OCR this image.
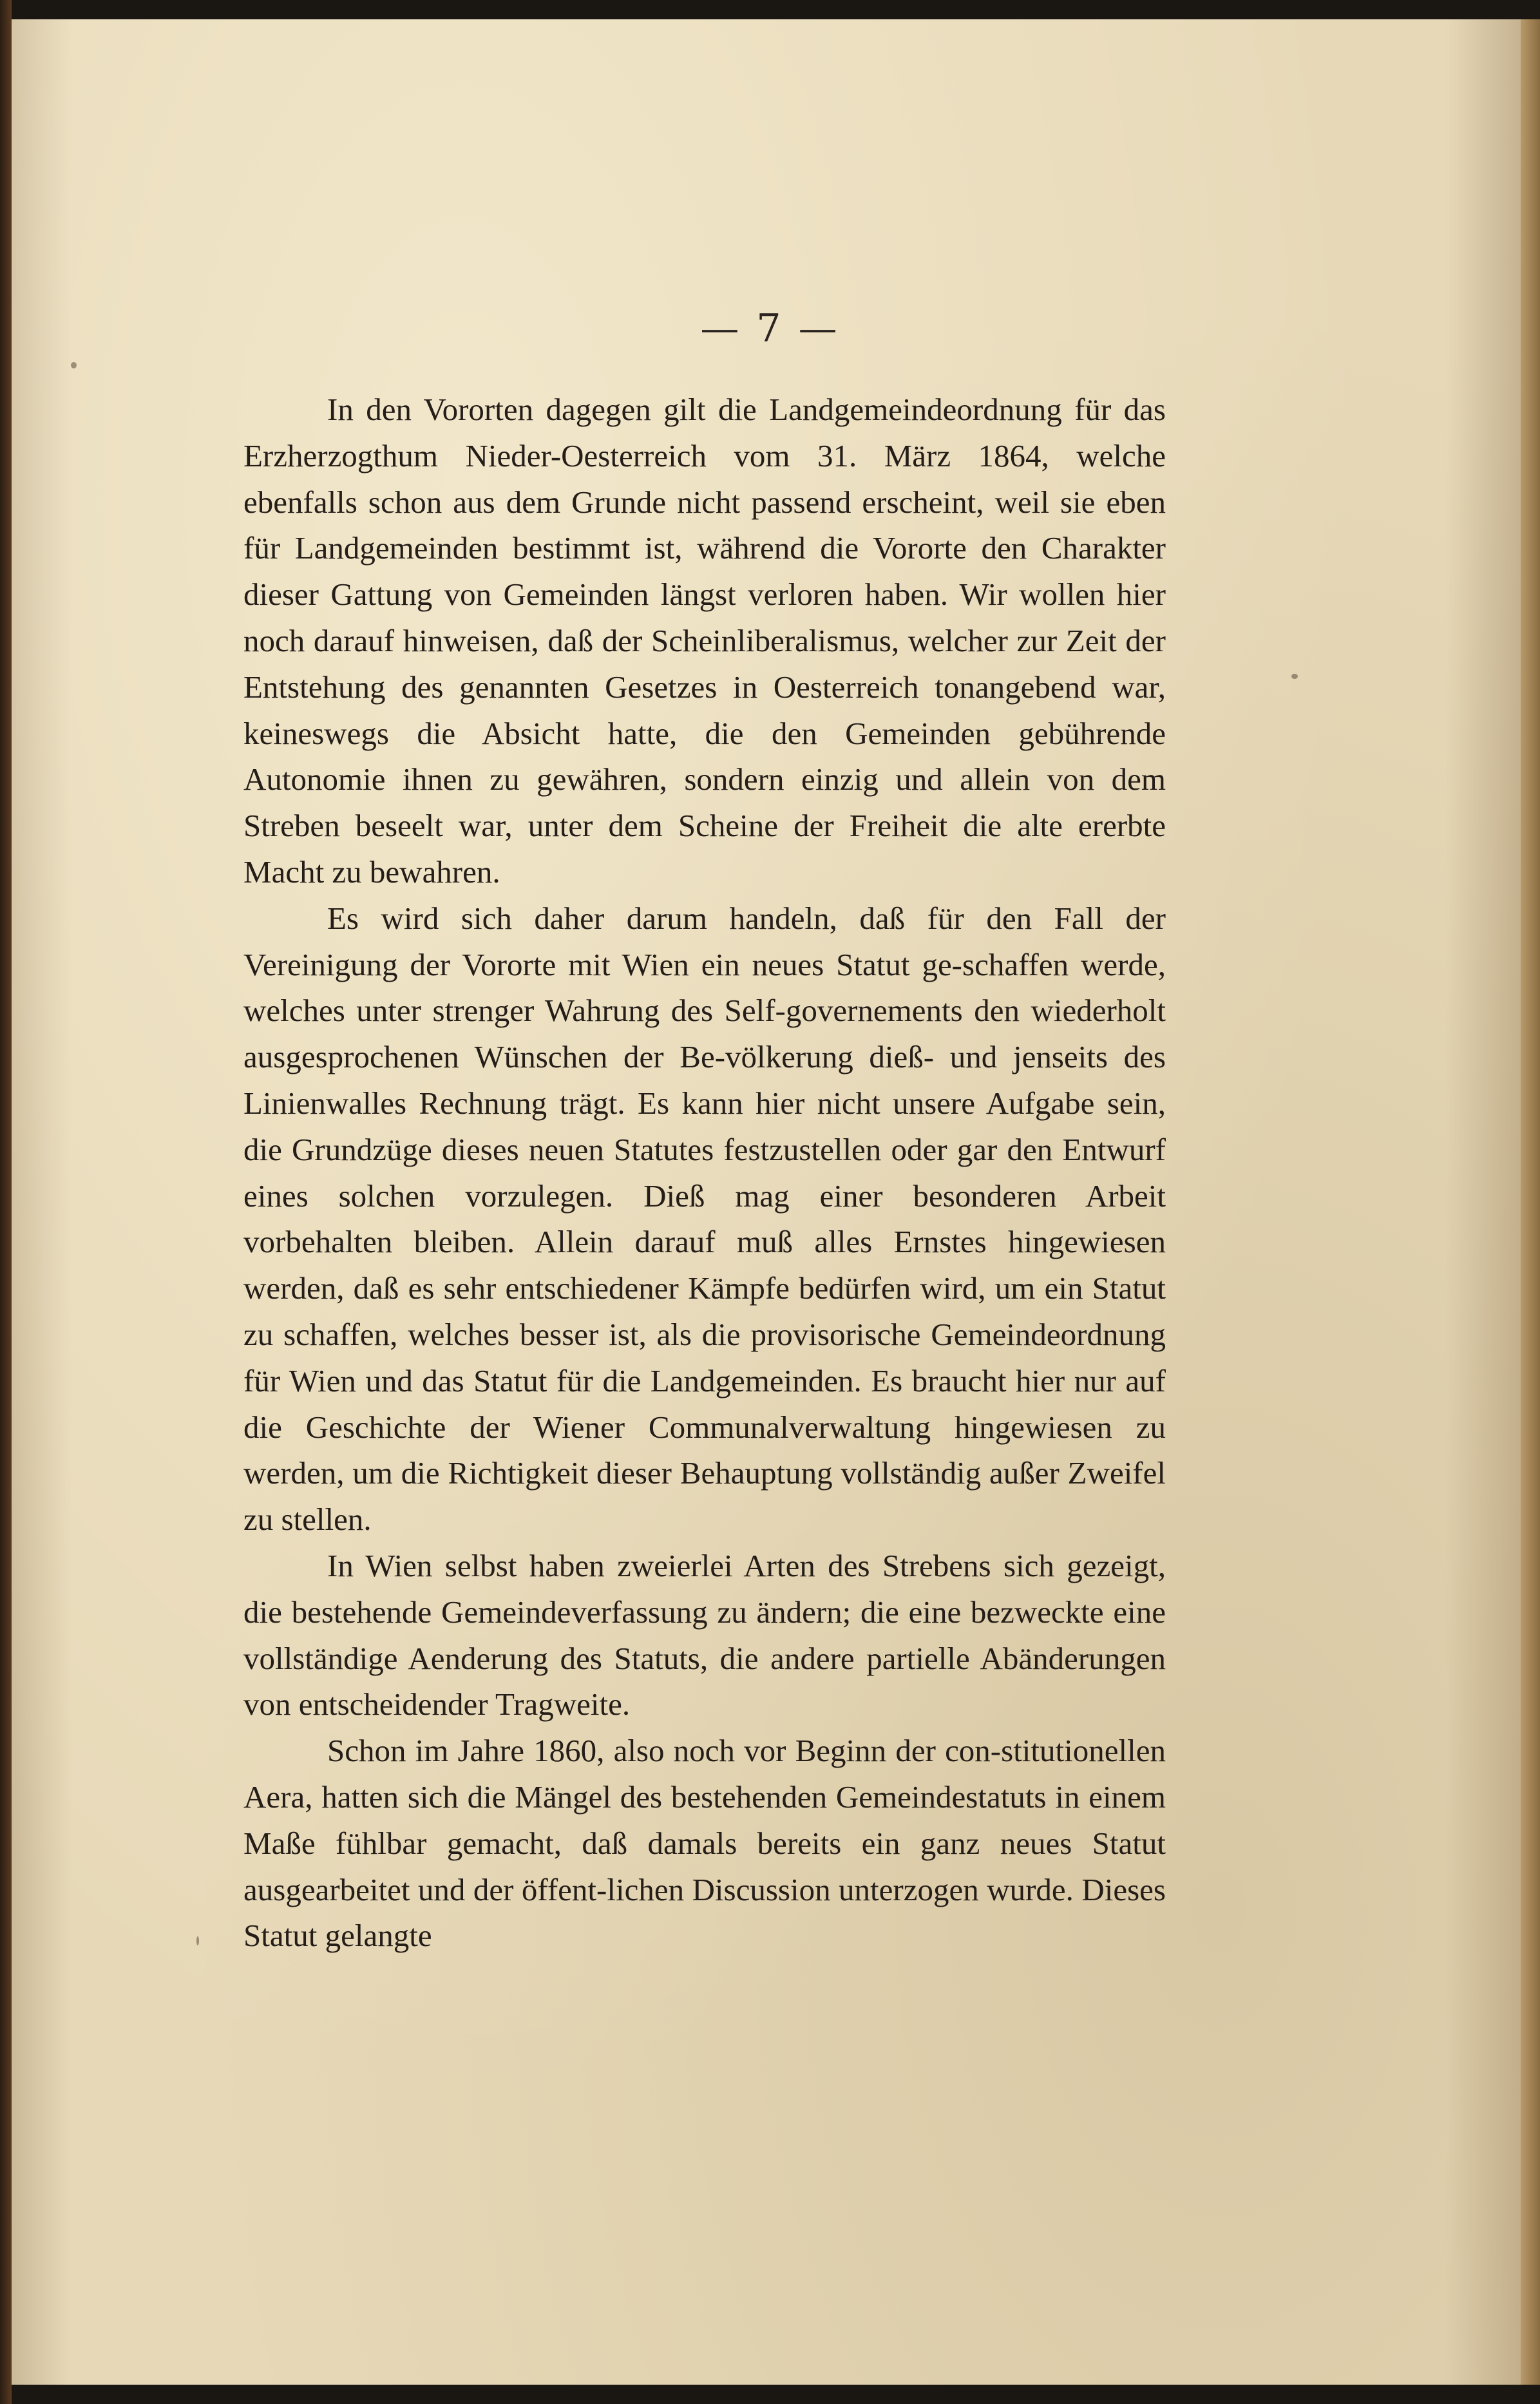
— 7 —

In den Vororten dagegen gilt die Landgemeindeordnung für das Erzherzogthum Nieder-Oesterreich vom 31. März 1864, welche ebenfalls schon aus dem Grunde nicht passend erscheint, weil sie eben für Landgemeinden bestimmt ist, während die Vororte den Charakter dieser Gattung von Gemeinden längst verloren haben. Wir wollen hier noch darauf hinweisen, daß der Scheinliberalismus, welcher zur Zeit der Entstehung des genannten Gesetzes in Oesterreich tonangebend war, keineswegs die Absicht hatte, die den Gemeinden gebührende Autonomie ihnen zu gewähren, sondern einzig und allein von dem Streben beseelt war, unter dem Scheine der Freiheit die alte ererbte Macht zu bewahren.

Es wird sich daher darum handeln, daß für den Fall der Vereinigung der Vororte mit Wien ein neues Statut ge-schaffen werde, welches unter strenger Wahrung des Self-governements den wiederholt ausgesprochenen Wünschen der Be-völkerung dieß- und jenseits des Linienwalles Rechnung trägt. Es kann hier nicht unsere Aufgabe sein, die Grundzüge dieses neuen Statutes festzustellen oder gar den Entwurf eines solchen vorzulegen. Dieß mag einer besonderen Arbeit vorbehalten bleiben. Allein darauf muß alles Ernstes hingewiesen werden, daß es sehr entschiedener Kämpfe bedürfen wird, um ein Statut zu schaffen, welches besser ist, als die provisorische Gemeindeordnung für Wien und das Statut für die Landgemeinden. Es braucht hier nur auf die Geschichte der Wiener Communalverwaltung hingewiesen zu werden, um die Richtigkeit dieser Behauptung vollständig außer Zweifel zu stellen.

In Wien selbst haben zweierlei Arten des Strebens sich gezeigt, die bestehende Gemeindeverfassung zu ändern; die eine bezweckte eine vollständige Aenderung des Statuts, die andere partielle Abänderungen von entscheidender Tragweite.

Schon im Jahre 1860, also noch vor Beginn der con-stitutionellen Aera, hatten sich die Mängel des bestehenden Gemeindestatuts in einem Maße fühlbar gemacht, daß damals bereits ein ganz neues Statut ausgearbeitet und der öffent-lichen Discussion unterzogen wurde. Dieses Statut gelangte
